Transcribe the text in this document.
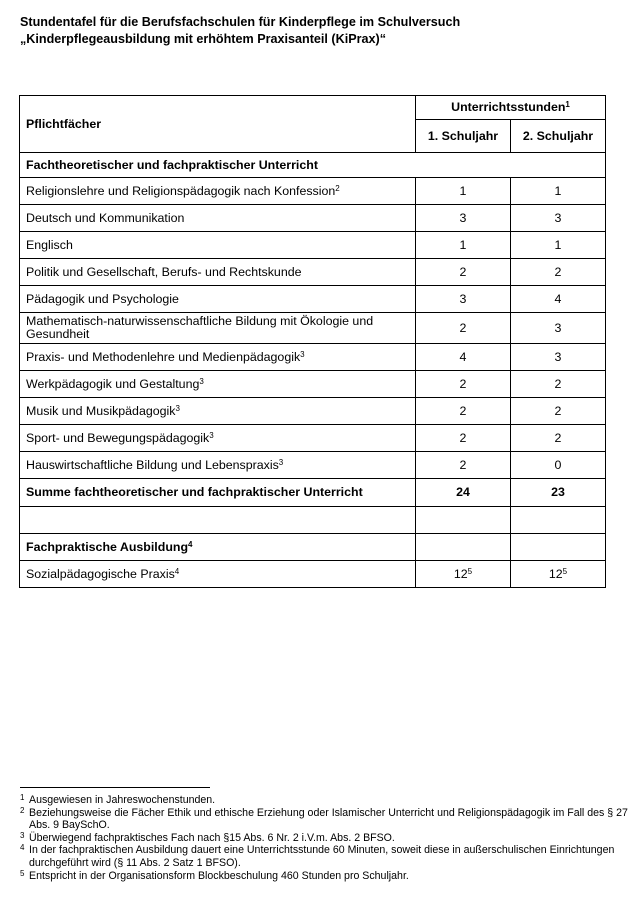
Stundentafel für die Berufsfachschulen für Kinderpflege im Schulversuch
„Kinderpflegeausbildung mit erhöhtem Praxisanteil (KiPrax)“
Pflichtfächer	Unterrichtsstunden$^1$
	1. Schuljahr	2. Schuljahr
Fachtheoretischer und fachpraktischer Unterricht		
Religionslehre und Religionspädagogik nach Konfession$^2$	1	1
Deutsch und Kommunikation	3	3
Englisch	1	1
Politik und Gesellschaft, Berufs- und Rechtskunde	2	2
Pädagogik und Psychologie	3	4
Mathematisch-naturwissenschaftliche Bildung mit Ökologie und Gesundheit	2	3
Praxis- und Methodenlehre und Medienpädagogik$^3$	4	3
Werkpädagogik und Gestaltung$^3$	2	2
Musik und Musikpädagogik$^3$	2	2
Sport- und Bewegungspädagogik$^3$	2	2
Hauswirtschaftliche Bildung und Lebenspraxis$^3$	2	0
Summe fachtheoretischer und fachpraktischer Unterricht	24	23

Fachpraktische Ausbildung$^4$		
Sozialpädagogische Praxis$^4$	$12^5$	$12^5$
1 Ausgewiesen in Jahreswochenstunden.
2 Beziehungsweise die Fächer Ethik und ethische Erziehung oder Islamischer Unterricht und Religionspädagogik im Fall des § 27 Abs. 9 BaySchO.
3 Überwiegend fachpraktisches Fach nach §15 Abs. 6 Nr. 2 i.V.m. Abs. 2 BFSO.
4 In der fachpraktischen Ausbildung dauert eine Unterrichtsstunde 60 Minuten, soweit diese in außerschulischen Einrichtungen durchgeführt wird (§ 11 Abs. 2 Satz 1 BFSO).
5 Entspricht in der Organisationsform Blockbeschulung 460 Stunden pro Schuljahr.
